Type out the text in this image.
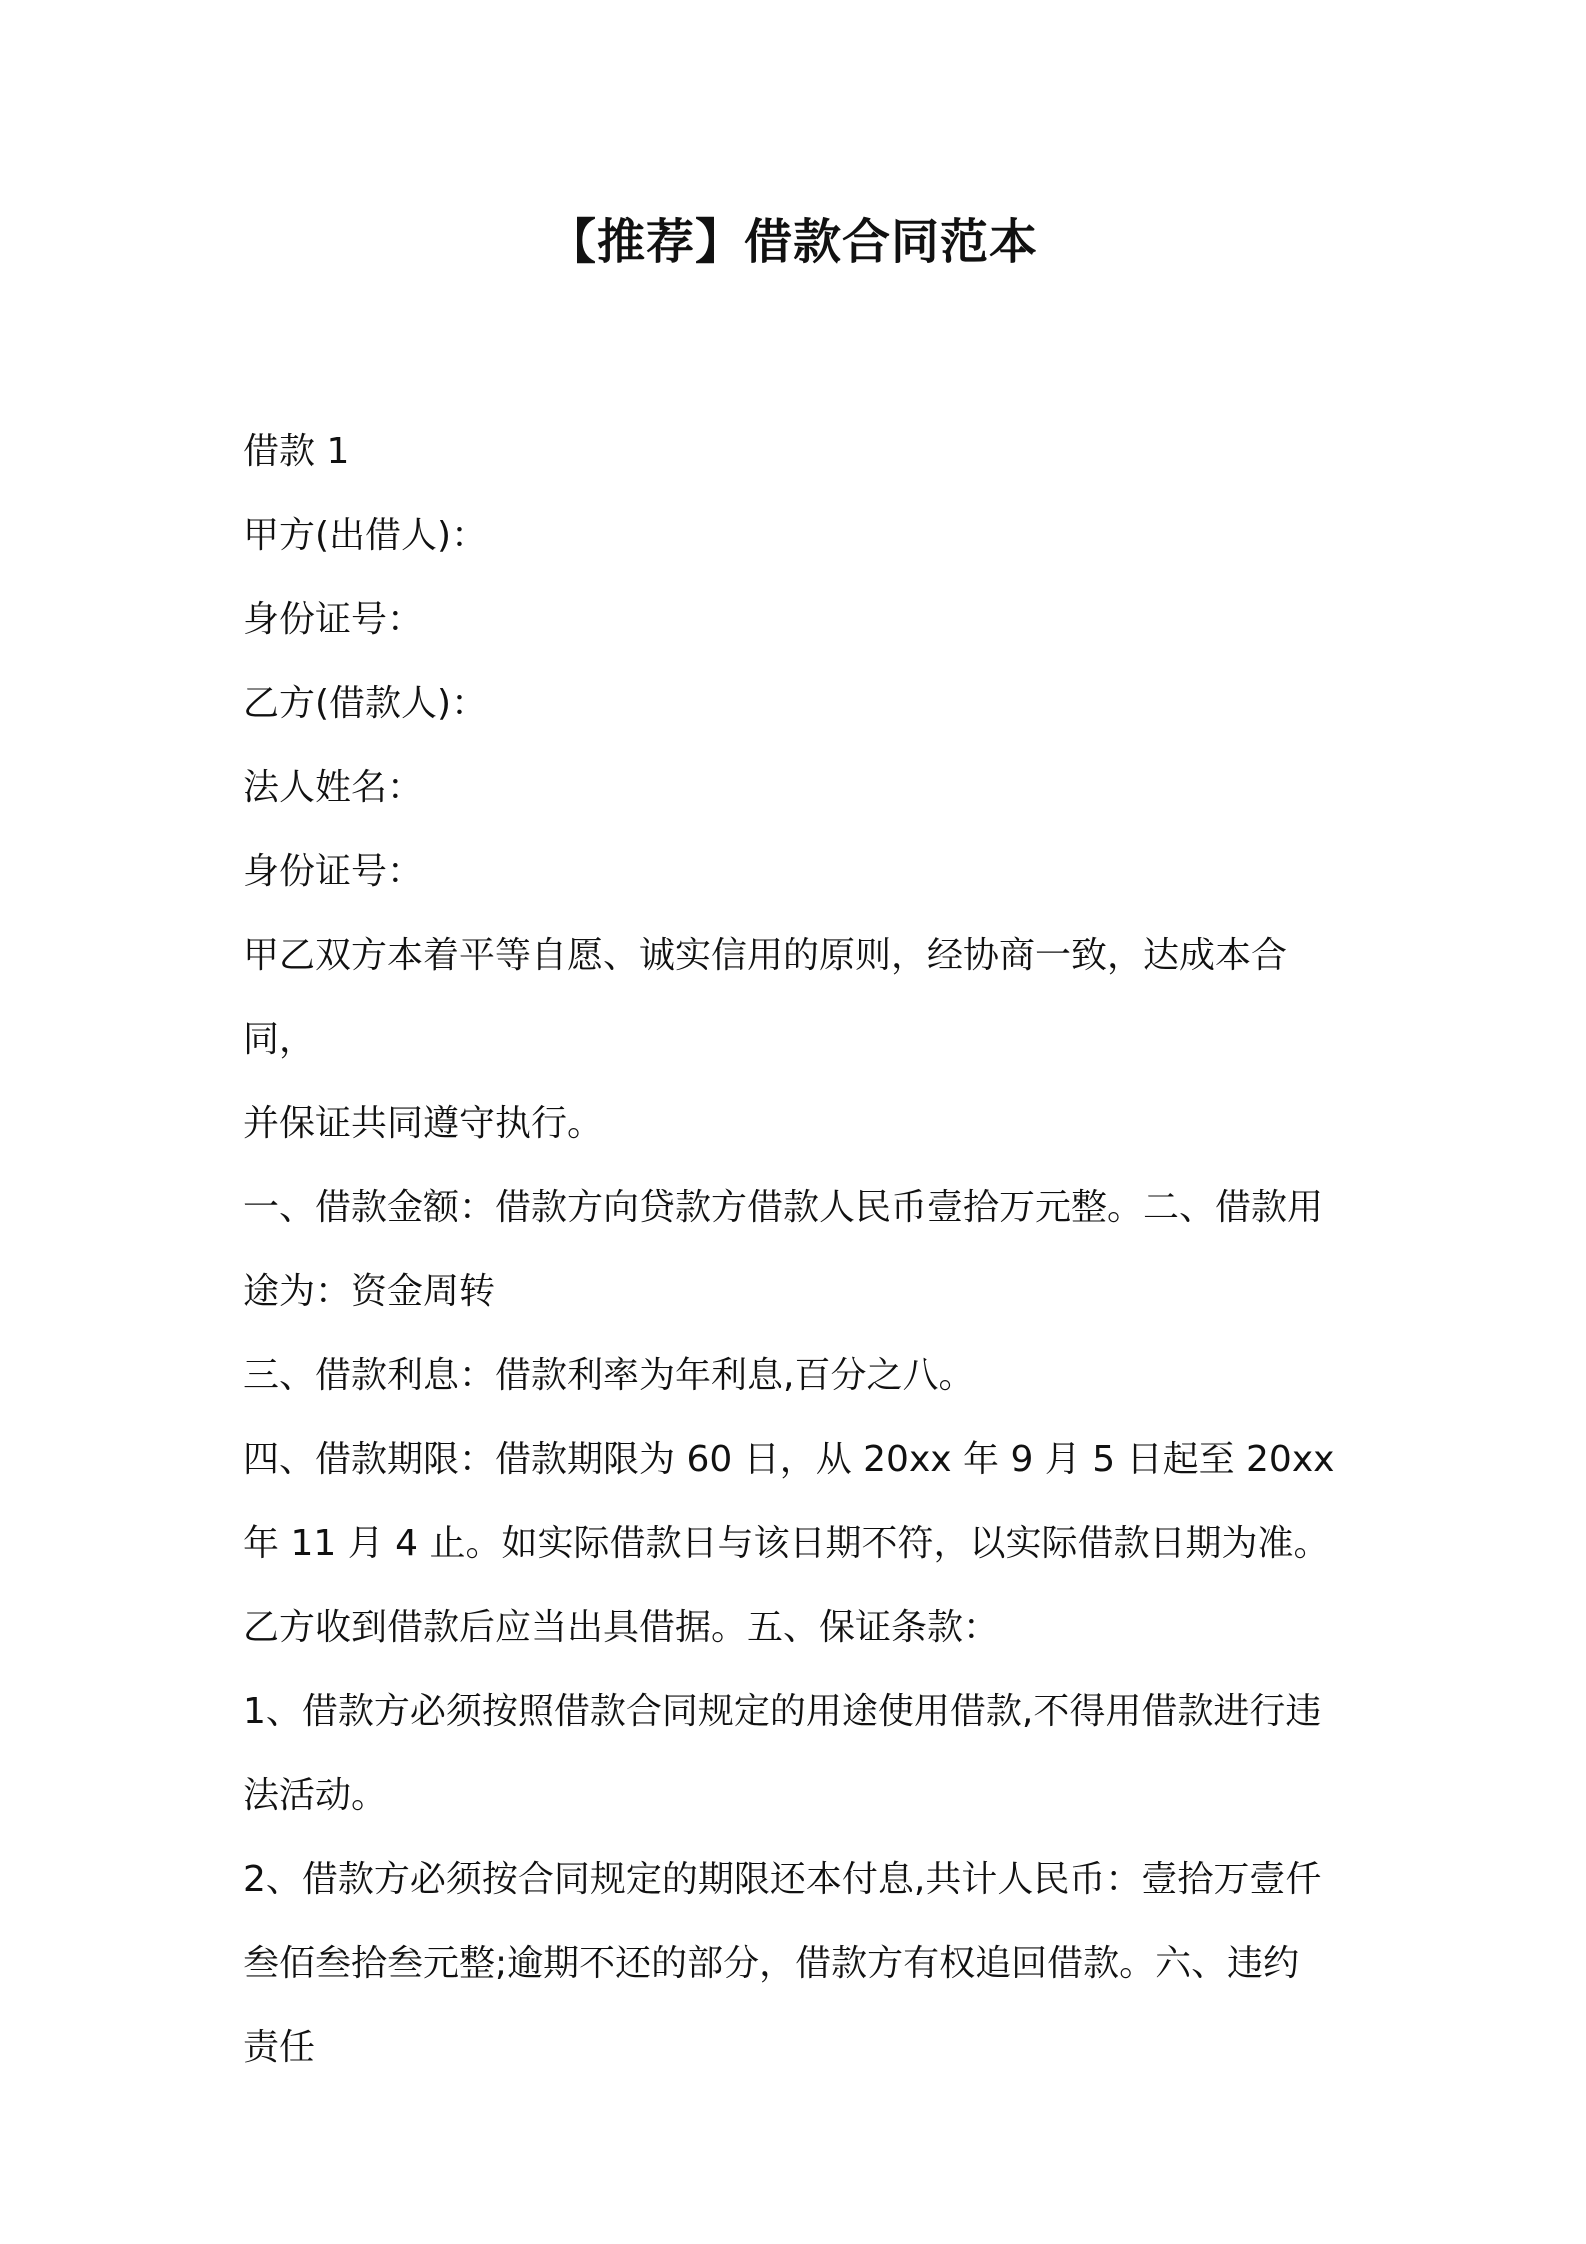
【推荐】借款合同范本

借款 1

甲方(出借人)：

身份证号：

乙方(借款人)：

法人姓名：

身份证号：

甲乙双方本着平等自愿、诚实信用的原则，经协商一致，达成本合同，

并保证共同遵守执行。

一、借款金额：借款方向贷款方借款人民币壹拾万元整。二、借款用

途为：资金周转

三、借款利息：借款利率为年利息,百分之八。

四、借款期限：借款期限为 60 日，从 20xx 年 9 月 5 日起至 20xx

年 11 月 4 止。如实际借款日与该日期不符，以实际借款日期为准。

乙方收到借款后应当出具借据。五、保证条款：

1、借款方必须按照借款合同规定的用途使用借款,不得用借款进行违

法活动。

2、借款方必须按合同规定的期限还本付息,共计人民币：壹拾万壹仟

叁佰叁拾叁元整;逾期不还的部分，借款方有权追回借款。六、违约

责任
